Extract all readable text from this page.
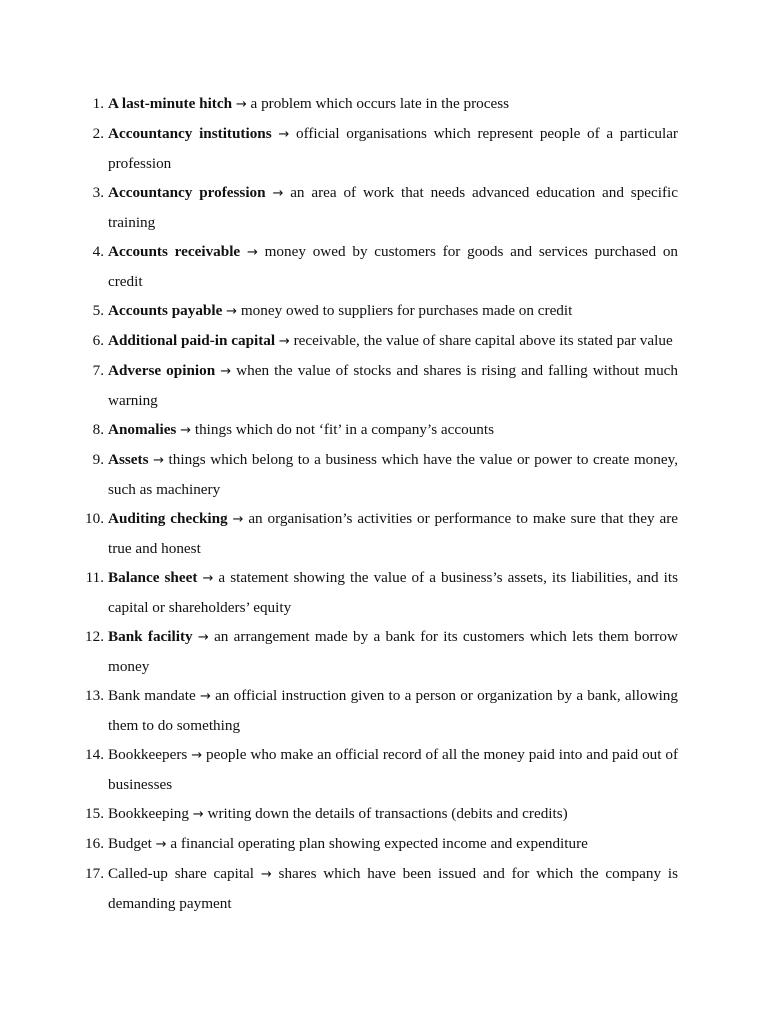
1. A last-minute hitch → a problem which occurs late in the process
2. Accountancy institutions → official organisations which represent people of a particular profession
3. Accountancy profession → an area of work that needs advanced education and specific training
4. Accounts receivable → money owed by customers for goods and services purchased on credit
5. Accounts payable → money owed to suppliers for purchases made on credit
6. Additional paid-in capital → receivable, the value of share capital above its stated par value
7. Adverse opinion → when the value of stocks and shares is rising and falling without much warning
8. Anomalies → things which do not ‘fit’ in a company’s accounts
9. Assets → things which belong to a business which have the value or power to create money, such as machinery
10. Auditing checking → an organisation’s activities or performance to make sure that they are true and honest
11. Balance sheet → a statement showing the value of a business’s assets, its liabilities, and its capital or shareholders’ equity
12. Bank facility → an arrangement made by a bank for its customers which lets them borrow money
13. Bank mandate → an official instruction given to a person or organization by a bank, allowing them to do something
14. Bookkeepers → people who make an official record of all the money paid into and paid out of businesses
15. Bookkeeping → writing down the details of transactions (debits and credits)
16. Budget → a financial operating plan showing expected income and expenditure
17. Called-up share capital → shares which have been issued and for which the company is demanding payment
